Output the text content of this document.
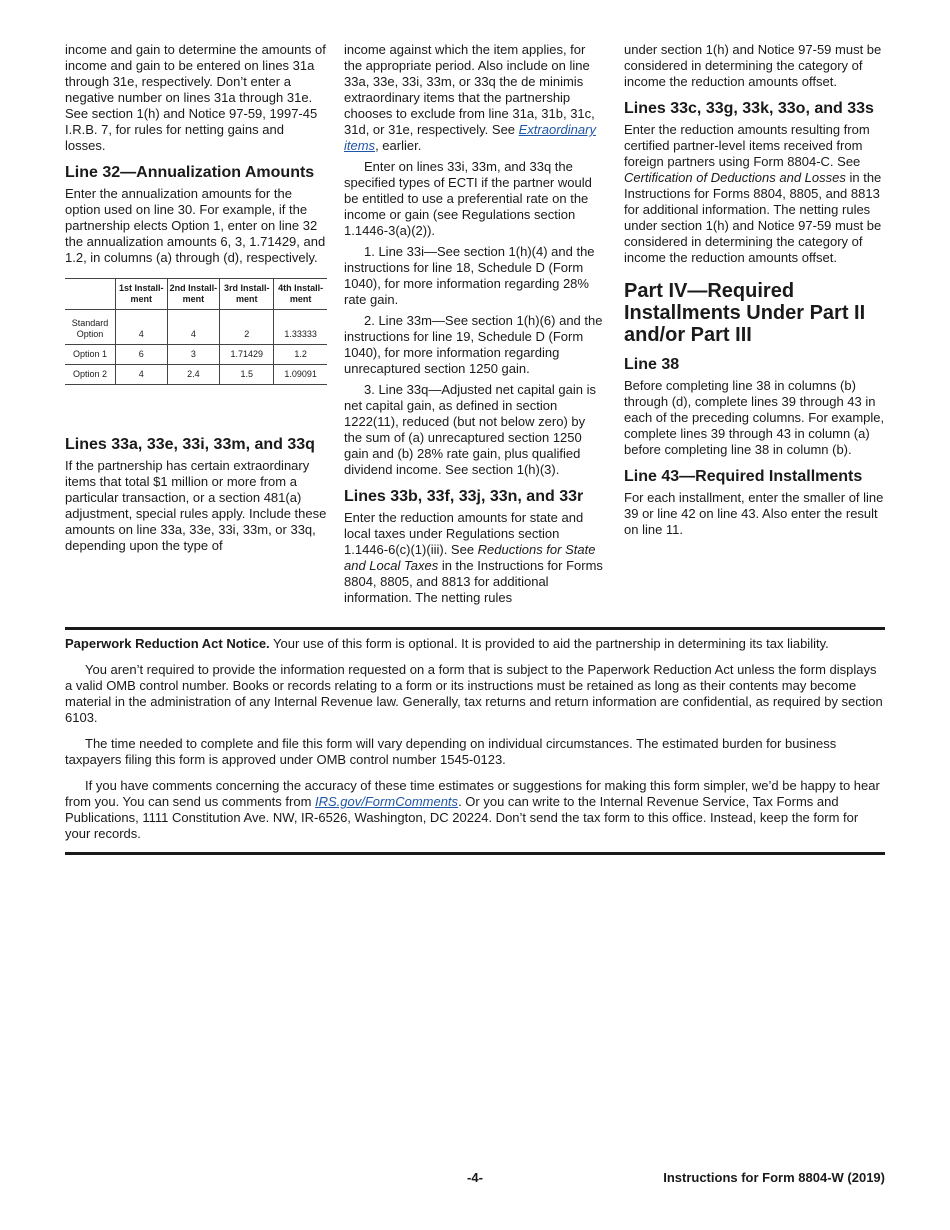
income and gain to determine the amounts of income and gain to be entered on lines 31a through 31e, respectively. Don’t enter a negative number on lines 31a through 31e. See section 1(h) and Notice 97-59, 1997-45 I.R.B. 7, for rules for netting gains and losses.

Line 32—Annualization Amounts

Enter the annualization amounts for the option used on line 30. For example, if the partnership elects Option 1, enter on line 32 the annualization amounts 6, 3, 1.71429, and 1.2, in columns (a) through (d), respectively.

	1st Install- ment	2nd Install- ment	3rd Install- ment	4th Install- ment
Standard Option	4	4	2	1.33333
Option 1	6	3	1.71429	1.2
Option 2	4	2.4	1.5	1.09091
Lines 33a, 33e, 33i, 33m, and 33q

If the partnership has certain extraordinary items that total $1 million or more from a particular transaction, or a section 481(a) adjustment, special rules apply. Include these amounts on line 33a, 33e, 33i, 33m, or 33q, depending upon the type of

income against which the item applies, for the appropriate period. Also include on line 33a, 33e, 33i, 33m, or 33q the de minimis extraordinary items that the partnership chooses to exclude from line 31a, 31b, 31c, 31d, or 31e, respectively. See Extraordinary items, earlier.

Enter on lines 33i, 33m, and 33q the specified types of ECTI if the partner would be entitled to use a preferential rate on the income or gain (see Regulations section 1.1446-3(a)(2)).

1. Line 33i—See section 1(h)(4) and the instructions for line 18, Schedule D (Form 1040), for more information regarding 28% rate gain.

2. Line 33m—See section 1(h)(6) and the instructions for line 19, Schedule D (Form 1040), for more information regarding unrecaptured section 1250 gain.

3. Line 33q—Adjusted net capital gain is net capital gain, as defined in section 1222(11), reduced (but not below zero) by the sum of (a) unrecaptured section 1250 gain and (b) 28% rate gain, plus qualified dividend income. See section 1(h)(3).

Lines 33b, 33f, 33j, 33n, and 33r

Enter the reduction amounts for state and local taxes under Regulations section 1.1446-6(c)(1)(iii). See Reductions for State and Local Taxes in the Instructions for Forms 8804, 8805, and 8813 for additional information. The netting rules

under section 1(h) and Notice 97-59 must be considered in determining the category of income the reduction amounts offset.

Lines 33c, 33g, 33k, 33o, and 33s

Enter the reduction amounts resulting from certified partner-level items received from foreign partners using Form 8804-C. See Certification of Deductions and Losses in the Instructions for Forms 8804, 8805, and 8813 for additional information. The netting rules under section 1(h) and Notice 97-59 must be considered in determining the category of income the reduction amounts offset.

Part IV—Required Installments Under Part II and/or Part III
Line 38

Before completing line 38 in columns (b) through (d), complete lines 39 through 43 in each of the preceding columns. For example, complete lines 39 through 43 in column (a) before completing line 38 in column (b).

Line 43—Required Installments

For each installment, enter the smaller of line 39 or line 42 on line 43. Also enter the result on line 11.

Paperwork Reduction Act Notice. Your use of this form is optional. It is provided to aid the partnership in determining its tax liability.

You aren’t required to provide the information requested on a form that is subject to the Paperwork Reduction Act unless the form displays a valid OMB control number. Books or records relating to a form or its instructions must be retained as long as their contents may become material in the administration of any Internal Revenue law. Generally, tax returns and return information are confidential, as required by section 6103.

The time needed to complete and file this form will vary depending on individual circumstances. The estimated burden for business taxpayers filing this form is approved under OMB control number 1545-0123.

If you have comments concerning the accuracy of these time estimates or suggestions for making this form simpler, we’d be happy to hear from you. You can send us comments from IRS.gov/FormComments. Or you can write to the Internal Revenue Service, Tax Forms and Publications, 1111 Constitution Ave. NW, IR-6526, Washington, DC 20224. Don’t send the tax form to this office. Instead, keep the form for your records.

-4-	Instructions for Form 8804-W (2019)
